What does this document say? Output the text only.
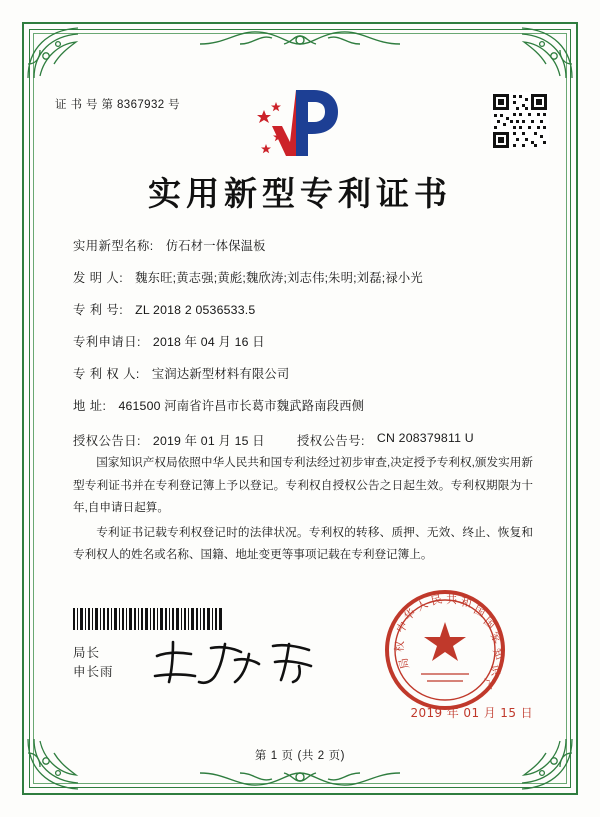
证 书 号 第 8367932 号
实用新型专利证书
实用新型名称: 仿石材一体保温板
发 明 人: 魏东旺;黄志强;黄彪;魏欣涛;刘志伟;朱明;刘磊;禄小光
专 利 号: ZL 2018 2 0536533.5
专利申请日: 2018 年 04 月 16 日
专 利 权 人: 宝润达新型材料有限公司
地 址: 461500 河南省许昌市长葛市魏武路南段西侧
授权公告日: 2019 年 01 月 15 日	授权公告号: CN 208379811 U

国家知识产权局依照中华人民共和国专利法经过初步审查,决定授予专利权,颁发实用新型专利证书并在专利登记簿上予以登记。专利权自授权公告之日起生效。专利权期限为十年,自申请日起算。

专利证书记载专利权登记时的法律状况。专利权的转移、质押、无效、终止、恢复和专利权人的姓名或名称、国籍、地址变更等事项记载在专利登记簿上。

局长
申长雨
中
华
人 民 共 和
国
国
家
知
识
产
局
权
2019 年 01 月 15 日
第 1 页 (共 2 页)
